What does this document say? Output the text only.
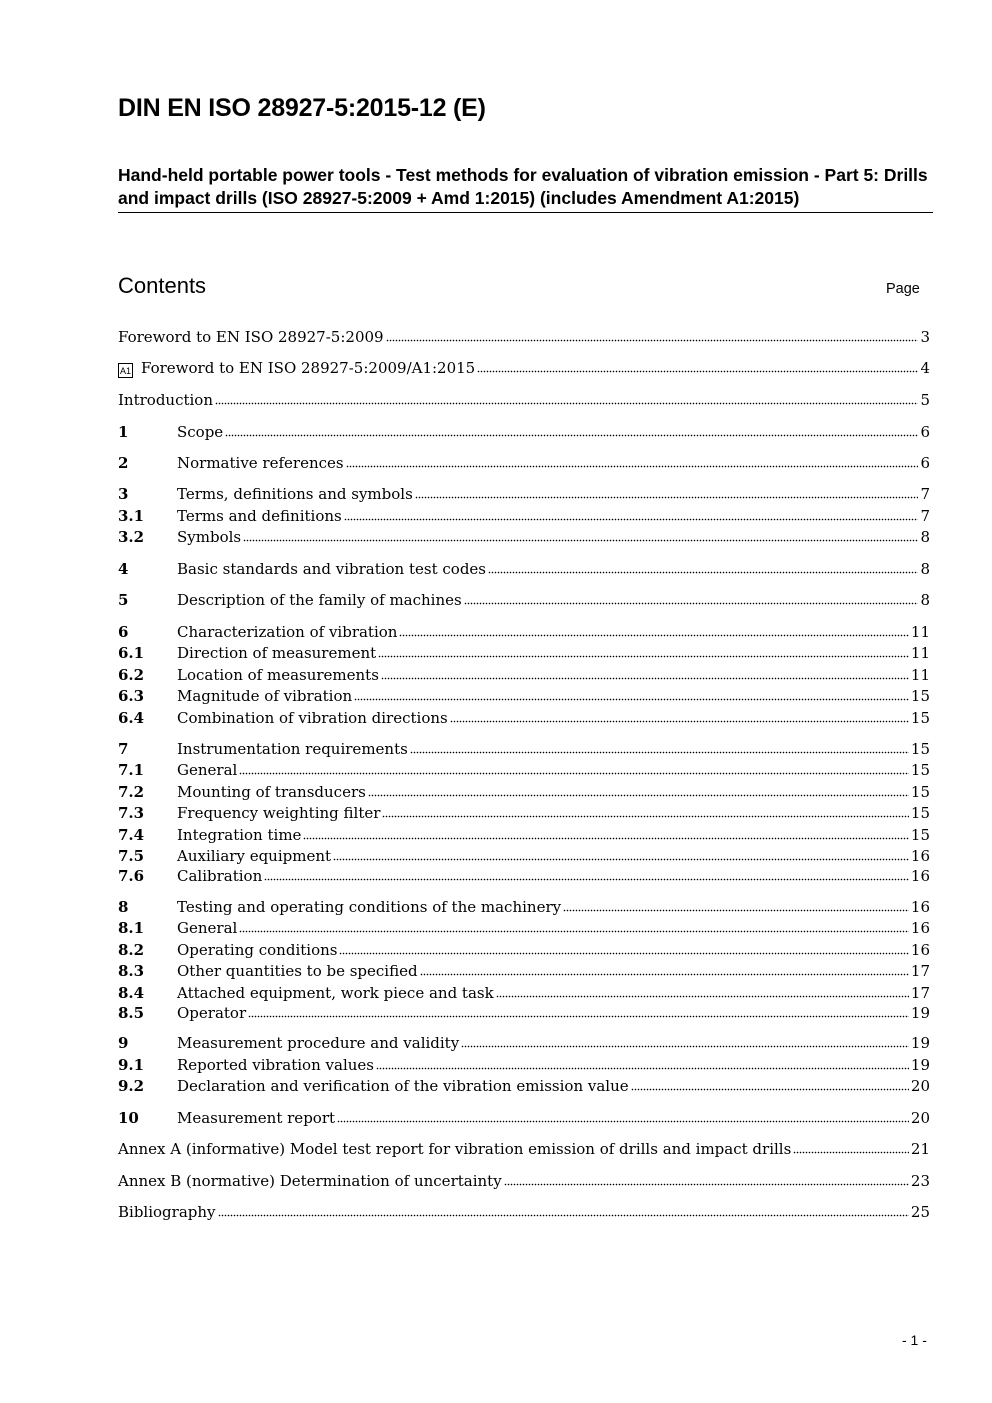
DIN EN ISO 28927-5:2015-12 (E)

Hand-held portable power tools - Test methods for evaluation of vibration emission - Part 5: Drills and impact drills (ISO 28927-5:2009 + Amd 1:2015) (includes Amendment A1:2015)

Contents	Page
Foreword to EN ISO 28927-5:2009	3
A1 Foreword to EN ISO 28927-5:2009/A1:2015	4
Introduction	5
1	Scope	6
2	Normative references	6
3	Terms, definitions and symbols	7
3.1	Terms and definitions	7
3.2	Symbols	8
4	Basic standards and vibration test codes	8
5	Description of the family of machines	8
6	Characterization of vibration	11
6.1	Direction of measurement	11
6.2	Location of measurements	11
6.3	Magnitude of vibration	15
6.4	Combination of vibration directions	15
7	Instrumentation requirements	15
7.1	General	15
7.2	Mounting of transducers	15
7.3	Frequency weighting filter	15
7.4	Integration time	15
7.5	Auxiliary equipment	16
7.6	Calibration	16
8	Testing and operating conditions of the machinery	16
8.1	General	16
8.2	Operating conditions	16
8.3	Other quantities to be specified	17
8.4	Attached equipment, work piece and task	17
8.5	Operator	19
9	Measurement procedure and validity	19
9.1	Reported vibration values	19
9.2	Declaration and verification of the vibration emission value	20
10	Measurement report	20
Annex A (informative) Model test report for vibration emission of drills and impact drills	21
Annex B (normative) Determination of uncertainty	23
Bibliography	25
- 1 -
